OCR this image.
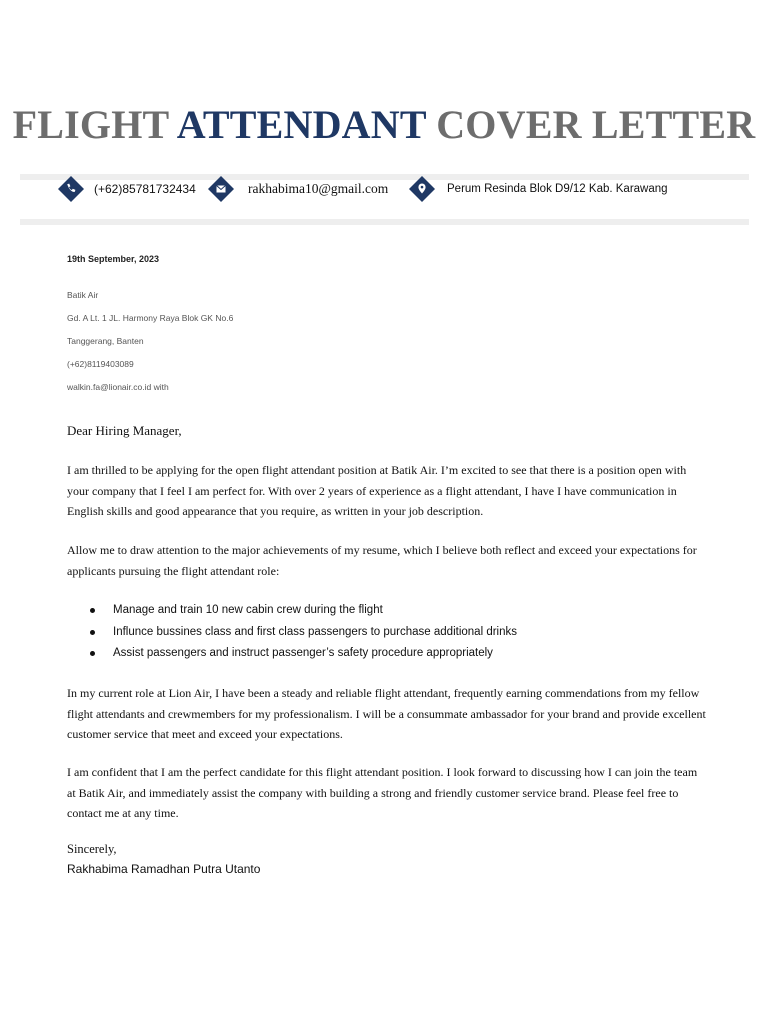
FLIGHT ATTENDANT COVER LETTER
(+62)85781732434	rakhabima10@gmail.com	Perum Resinda Blok D9/12 Kab. Karawang
19th September, 2023
Batik Air
Gd. A Lt. 1 JL. Harmony Raya Blok GK No.6
Tanggerang, Banten
(+62)8119403089
walkin.fa@lionair.co.id with
Dear Hiring Manager,
I am thrilled to be applying for the open flight attendant position at Batik Air. I’m excited to see that there is a position open with your company that I feel I am perfect for. With over 2 years of experience as a flight attendant, I have I have communication in English skills and good appearance that you require, as written in your job description.
Allow me to draw attention to the major achievements of my resume, which I believe both reflect and exceed your expectations for applicants pursuing the flight attendant role:
Manage and train 10 new cabin crew during the flight
Influnce bussines class and first class passengers to purchase additional drinks
Assist passengers and instruct passenger’s safety procedure appropriately
In my current role at Lion Air, I have been a steady and reliable flight attendant, frequently earning commendations from my fellow flight attendants and crewmembers for my professionalism. I will be a consummate ambassador for your brand and provide excellent customer service that meet and exceed your expectations.
I am confident that I am the perfect candidate for this flight attendant position. I look forward to discussing how I can join the team at Batik Air, and immediately assist the company with building a strong and friendly customer service brand. Please feel free to contact me at any time.
Sincerely,
Rakhabima Ramadhan Putra Utanto
